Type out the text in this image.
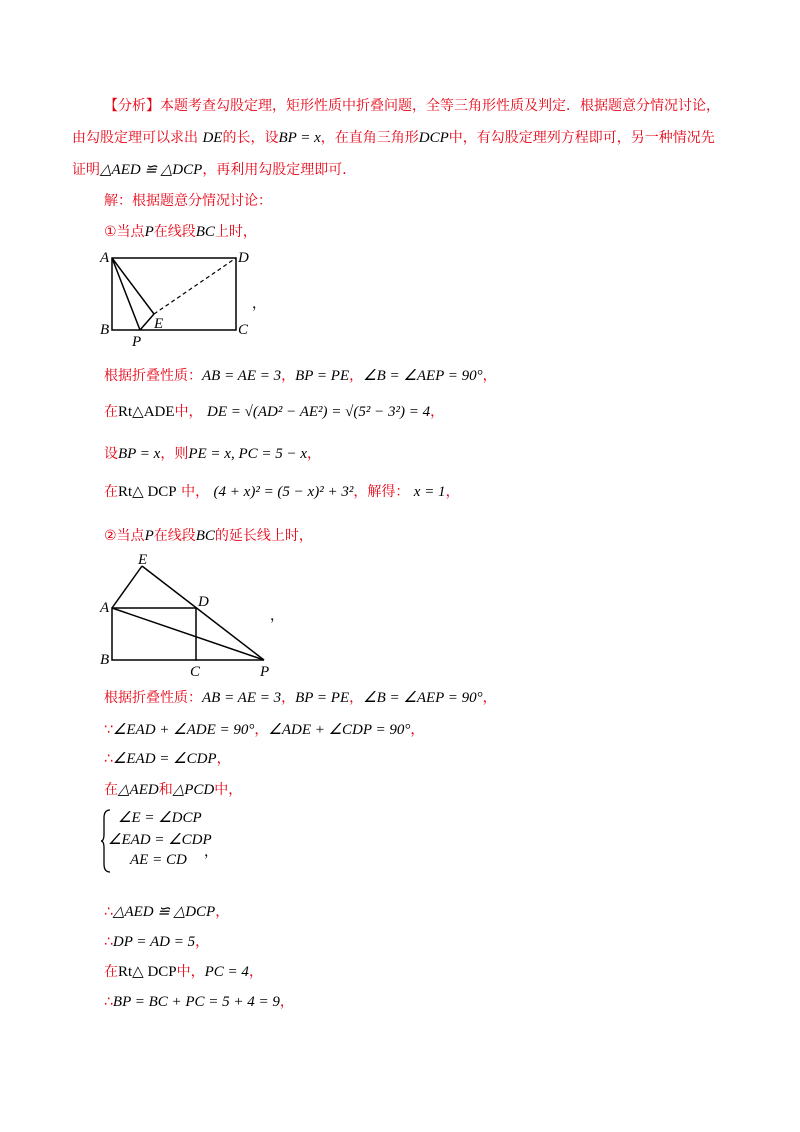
【分析】本题考查勾股定理，矩形性质中折叠问题，全等三角形性质及判定．根据题意分情况讨论，
由勾股定理可以求出 DE的长，设BP = x，在直角三角形DCP中，有勾股定理列方程即可，另一种情况先
证明△AED ≌ △DCP，再利用勾股定理即可．
解：根据题意分情况讨论：
①当点P在线段BC上时，
A	D
B	C
E
P
，
根据折叠性质：AB = AE = 3，BP = PE，∠B = ∠AEP = 90°，
在Rt△ADE中， DE = √(AD² − AE²) = √(5² − 3²) = 4，
设BP = x，则PE = x, PC = 5 − x，
在Rt△ DCP 中， (4 + x)² = (5 − x)² + 3²，解得： x = 1，
②当点P在线段BC的延长线上时，
E
A	D
B
C	P
，
根据折叠性质：AB = AE = 3，BP = PE，∠B = ∠AEP = 90°，
∵∠EAD + ∠ADE = 90°，∠ADE + ∠CDP = 90°，
∴∠EAD = ∠CDP，
在△AED和△PCD中，
∠E = ∠DCP
∠EAD = ∠CDP
AE = CD ，
∴△AED ≌ △DCP，
∴DP = AD = 5，
在Rt△ DCP中，PC = 4，
∴BP = BC + PC = 5 + 4 = 9，
